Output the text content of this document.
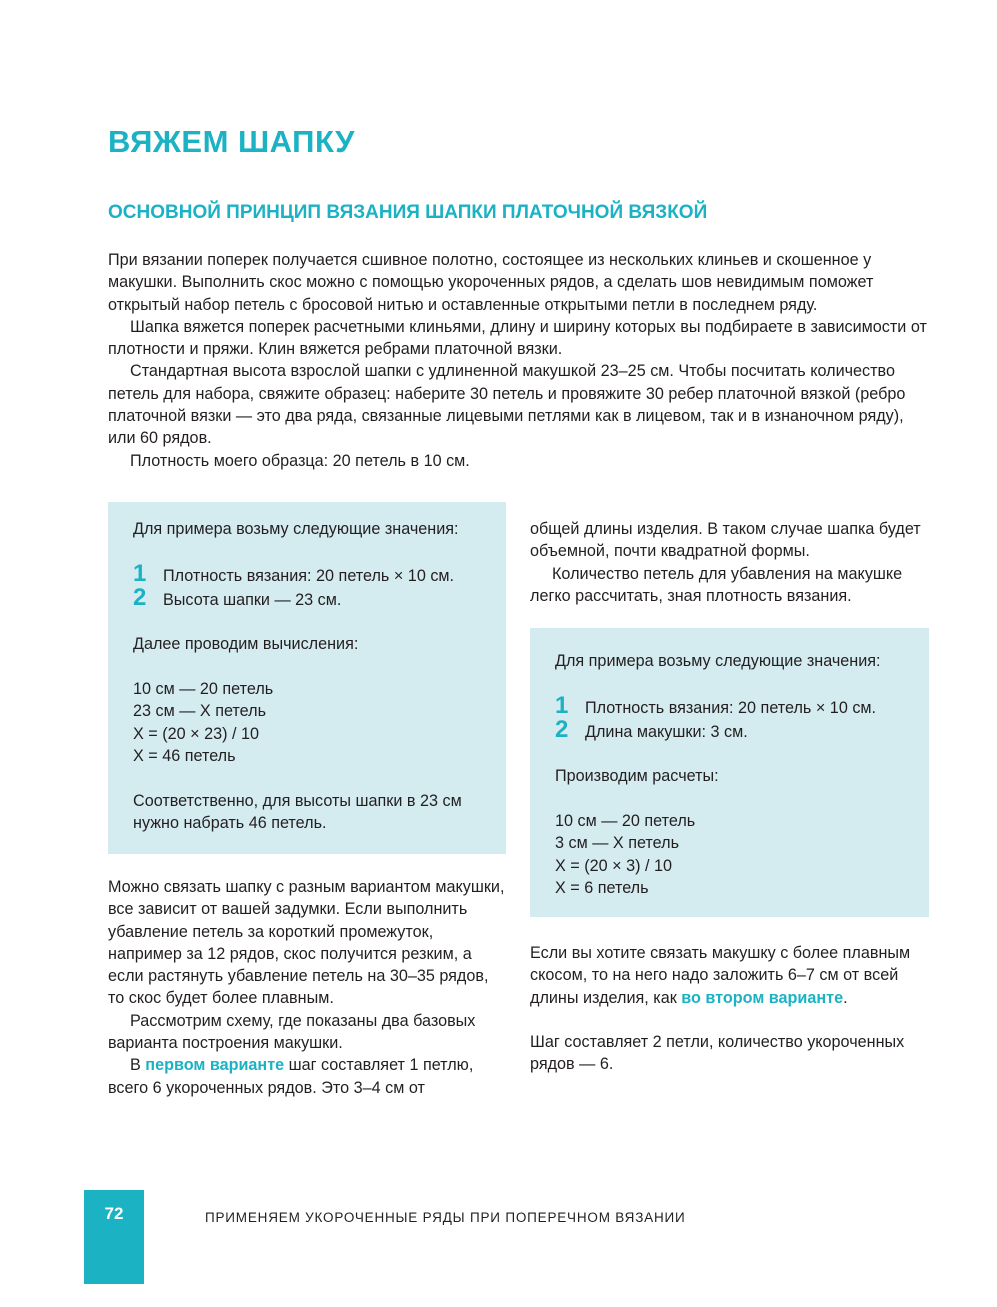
ВЯЖЕМ ШАПКУ
ОСНОВНОЙ ПРИНЦИП ВЯЗАНИЯ ШАПКИ ПЛАТОЧНОЙ ВЯЗКОЙ

При вязании поперек получается сшивное полотно, состоящее из нескольких клиньев и скошенное у макушки. Выполнить скос можно с помощью укороченных рядов, а сделать шов невидимым поможет открытый набор петель с бросовой нитью и оставленные открытыми петли в последнем ряду.

Шапка вяжется поперек расчетными клиньями, длину и ширину которых вы подбираете в зависимости от плотности и пряжи. Клин вяжется ребрами платочной вязки.

Стандартная высота взрослой шапки с удлиненной макушкой 23–25 см. Чтобы посчитать количество петель для набора, свяжите образец: наберите 30 петель и провяжите 30 ребер платочной вязкой (ребро платочной вязки — это два ряда, связанные лицевыми петлями как в лицевом, так и в изнаночном ряду), или 60 рядов.

Плотность моего образца: 20 петель в 10 см.

Для примера возьму следующие значения:

1	Плотность вязания: 20 петель × 10 см.
2	Высота шапки — 23 см.

Далее проводим вычисления:

10 см — 20 петель

23 см — Х петель

Х = (20 × 23) / 10

Х = 46 петель

Соответственно, для высоты шапки в 23 см нужно набрать 46 петель.

Можно связать шапку с разным вариантом макушки, все зависит от вашей задумки. Если выполнить убавление петель за короткий промежуток, например за 12 рядов, скос получится резким, а если растянуть убавление петель на 30–35 рядов, то скос будет более плавным.

Рассмотрим схему, где показаны два базовых варианта построения макушки.

В первом варианте шаг составляет 1 петлю, всего 6 укороченных рядов. Это 3–4 см от

общей длины изделия. В таком случае шапка будет объемной, почти квадратной формы.

Количество петель для убавления на макушке легко рассчитать, зная плотность вязания.

Для примера возьму следующие значения:

1	Плотность вязания: 20 петель × 10 см.
2	Длина макушки: 3 см.

Производим расчеты:

10 см — 20 петель

3 см — Х петель

Х = (20 × 3) / 10

Х = 6 петель

Если вы хотите связать макушку с более плавным скосом, то на него надо заложить 6–7 см от всей длины изделия, как во втором варианте.

Шаг составляет 2 петли, количество укороченных рядов — 6.

72	ПРИМЕНЯЕМ УКОРОЧЕННЫЕ РЯДЫ ПРИ ПОПЕРЕЧНОМ ВЯЗАНИИ
